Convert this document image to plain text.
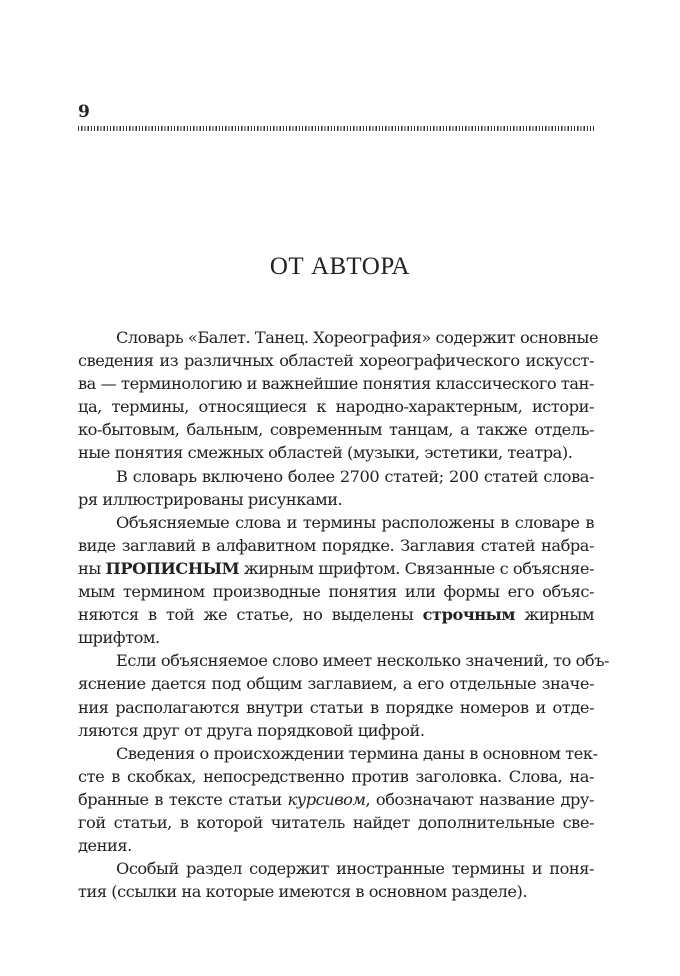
9
ОТ АВТОРА
Словарь «Балет. Танец. Хореография» содержит основные
сведения из различных областей хореографического искусст-
ва — терминологию и важнейшие понятия классического тан-
ца, термины, относящиеся к народно-характерным, истори-
ко-бытовым, бальным, современным танцам, а также отдель-
ные понятия смежных областей (музыки, эстетики, театра).
В словарь включено более 2700 статей; 200 статей слова-
ря иллюстрированы рисунками.
Объясняемые слова и термины расположены в словаре в
виде заглавий в алфавитном порядке. Заглавия статей набра-
ны ПРОПИСНЫМ жирным шрифтом. Связанные с объясняе-
мым термином производные понятия или формы его объяс-
няются в той же статье, но выделены строчным жирным
шрифтом.
Если объясняемое слово имеет несколько значений, то объ-
яснение дается под общим заглавием, а его отдельные значе-
ния располагаются внутри статьи в порядке номеров и отде-
ляются друг от друга порядковой цифрой.
Сведения о происхождении термина даны в основном тек-
сте в скобках, непосредственно против заголовка. Слова, на-
бранные в тексте статьи курсивом, обозначают название дру-
гой статьи, в которой читатель найдет дополнительные све-
дения.
Особый раздел содержит иностранные термины и поня-
тия (ссылки на которые имеются в основном разделе).
